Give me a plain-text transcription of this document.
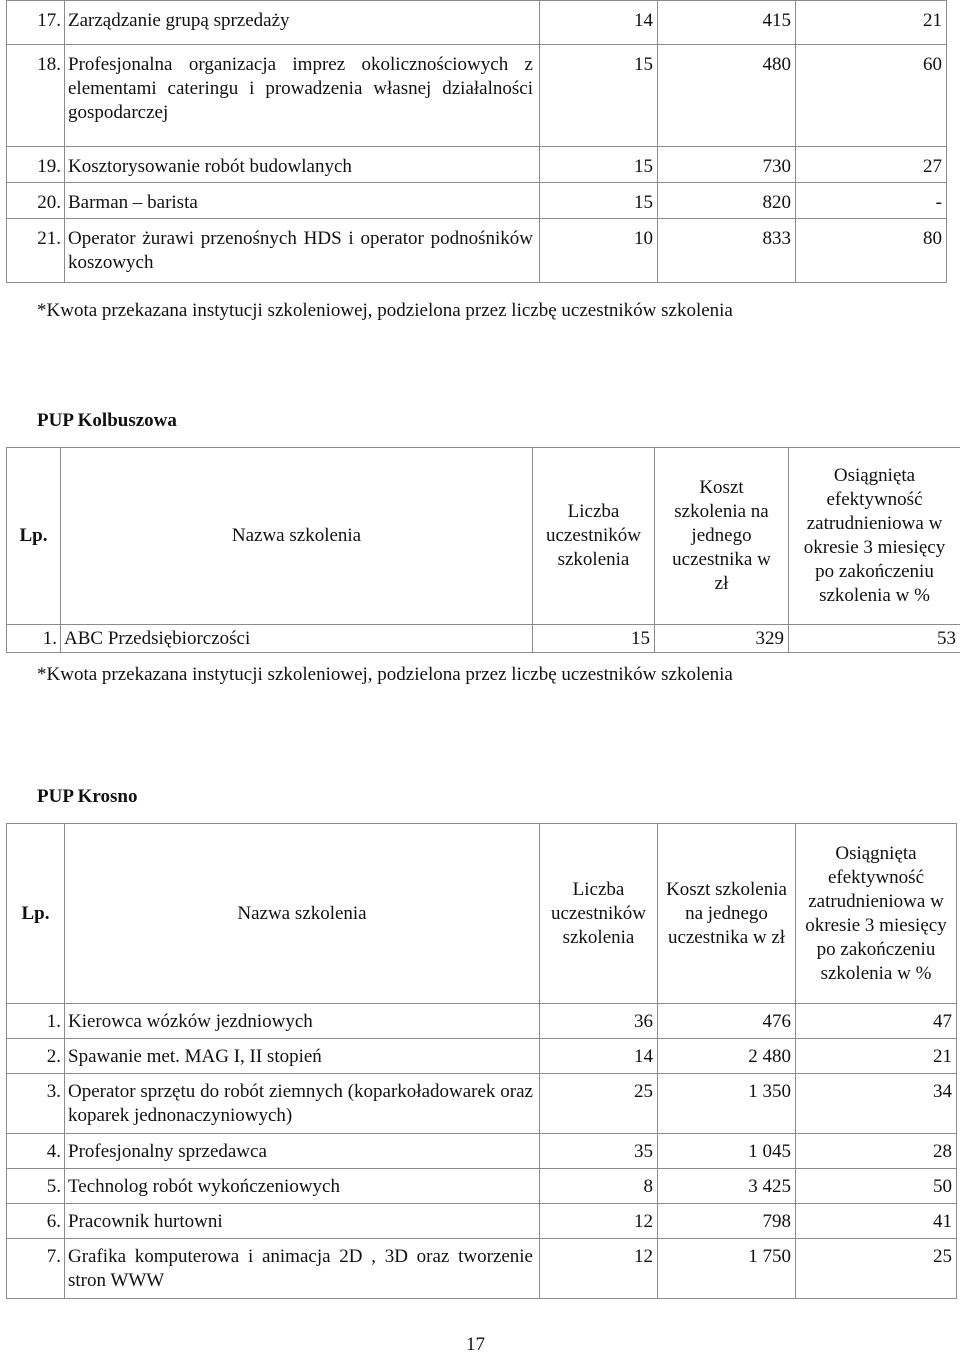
17.	Zarządzanie grupą sprzedaży	14	415	21
18.	Profesjonalna organizacja imprez okolicznościowych z elementami cateringu i prowadzenia własnej działalności gospodarczej	15	480	60
19.	Kosztorysowanie robót budowlanych	15	730	27
20.	Barman – barista	15	820	-
21.	Operator żurawi przenośnych HDS i operator podnośników koszowych	10	833	80
*Kwota przekazana instytucji szkoleniowej, podzielona przez liczbę uczestników szkolenia
PUP Kolbuszowa
Lp.	Nazwa szkolenia	Liczba uczestników szkolenia	Koszt szkolenia na jednego uczestnika w zł	Osiągnięta efektywność zatrudnieniowa w okresie 3 miesięcy po zakończeniu szkolenia w %
1.	ABC Przedsiębiorczości	15	329	53
*Kwota przekazana instytucji szkoleniowej, podzielona przez liczbę uczestników szkolenia
PUP Krosno
Lp.	Nazwa szkolenia	Liczba uczestników szkolenia	Koszt szkolenia na jednego uczestnika w zł	Osiągnięta efektywność zatrudnieniowa w okresie 3 miesięcy po zakończeniu szkolenia w %
1.	Kierowca wózków jezdniowych	36	476	47
2.	Spawanie met. MAG I, II stopień	14	2 480	21
3.	Operator sprzętu do robót ziemnych (koparkoładowarek oraz koparek jednonaczyniowych)	25	1 350	34
4.	Profesjonalny sprzedawca	35	1 045	28
5.	Technolog robót wykończeniowych	8	3 425	50
6.	Pracownik hurtowni	12	798	41
7.	Grafika komputerowa i animacja 2D , 3D oraz tworzenie stron WWW	12	1 750	25
17
